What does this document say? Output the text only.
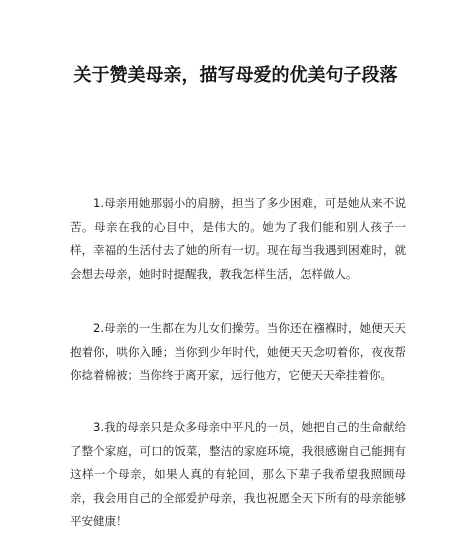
关于赞美母亲，描写母爱的优美句子段落
1.母亲用她那弱小的肩膀，担当了多少困难，可是她从来不说苦。母亲在我的心目中，是伟大的。她为了我们能和别人孩子一样，幸福的生活付去了她的所有一切。现在每当我遇到困难时，就会想去母亲，她时时提醒我，教我怎样生活，怎样做人。
2.母亲的一生都在为儿女们操劳。当你还在襁褓时，她便天天抱着你，哄你入睡；当你到少年时代，她便天天念叨着你，夜夜帮你捻着棉被；当你终于离开家，远行他方，它便天天牵挂着你。
3.我的母亲只是众多母亲中平凡的一员，她把自己的生命献给了整个家庭，可口的饭菜，整洁的家庭环境，我很感谢自己能拥有这样一个母亲，如果人真的有轮回，那么下辈子我希望我照顾母亲，我会用自己的全部爱护母亲，我也祝愿全天下所有的母亲能够平安健康！
